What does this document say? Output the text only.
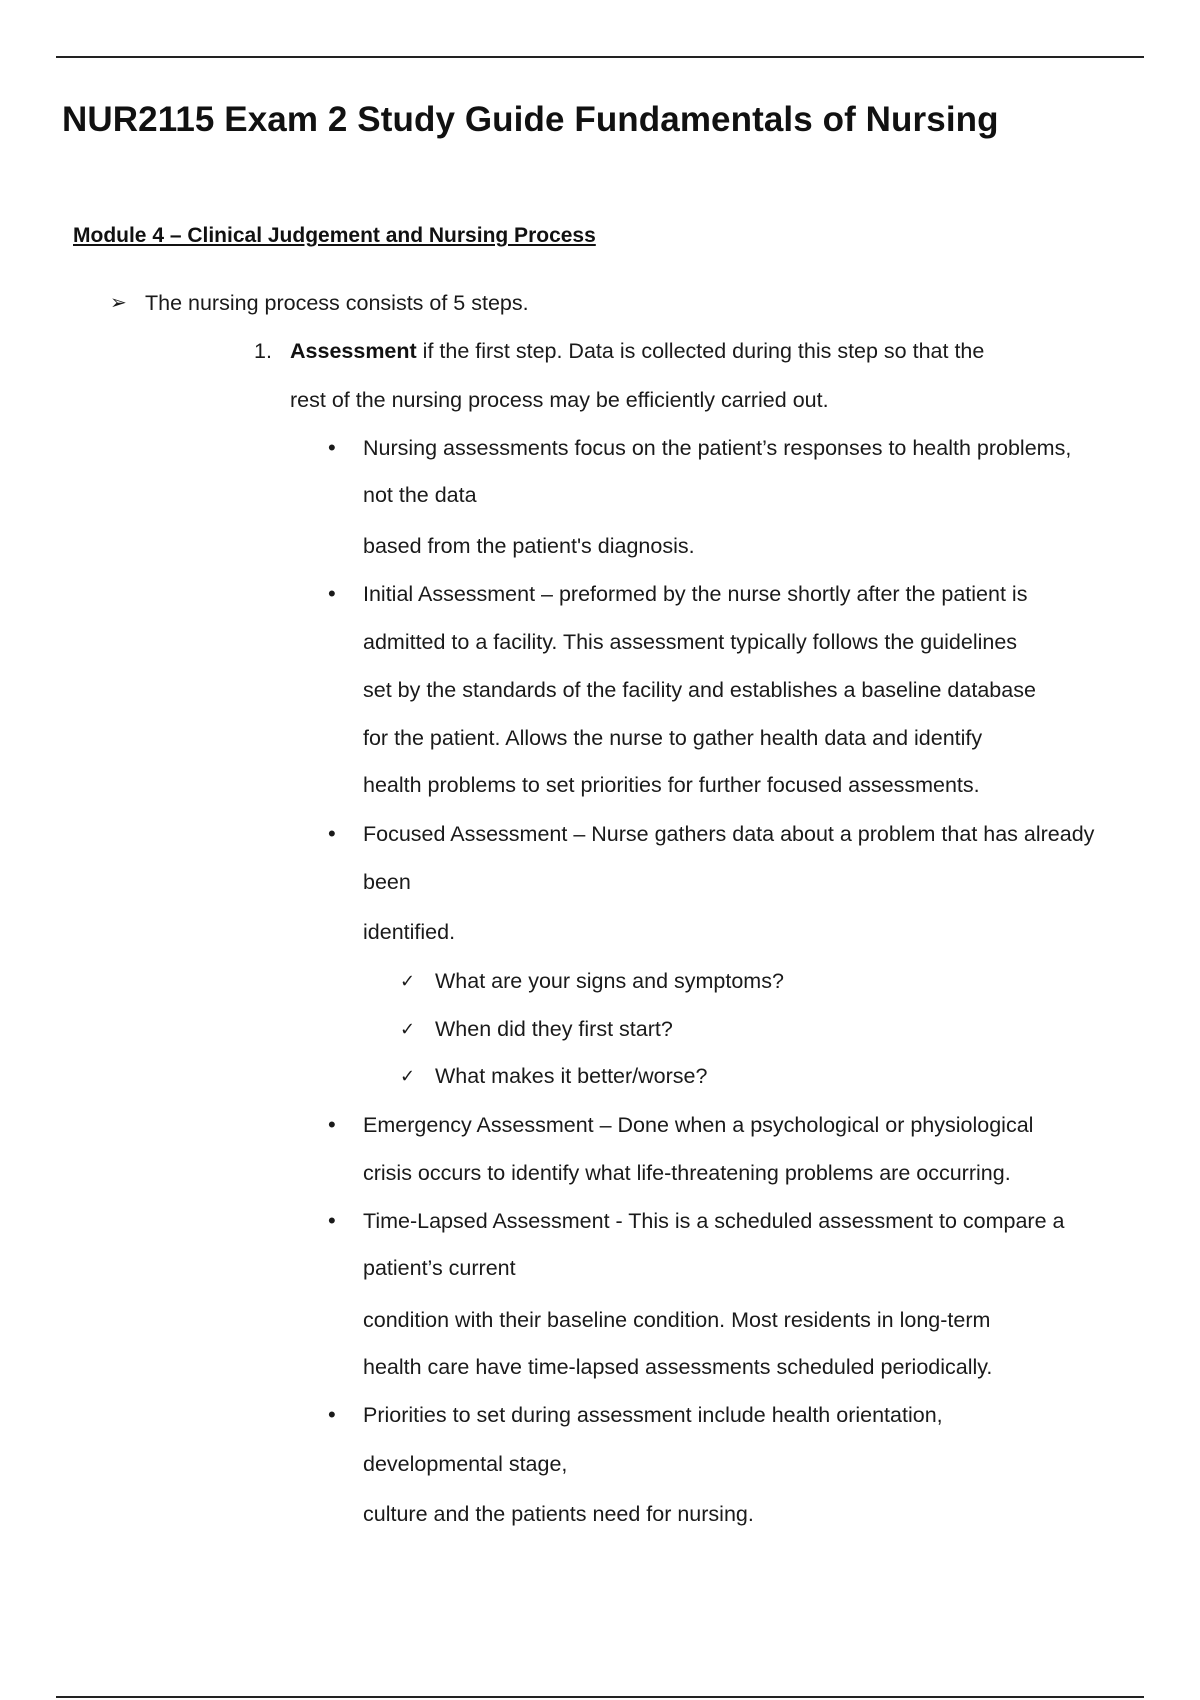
NUR2115 Exam 2 Study Guide Fundamentals of Nursing
Module 4 – Clinical Judgement and Nursing Process
➢ The nursing process consists of 5 steps.
1. Assessment if the first step. Data is collected during this step so that the
rest of the nursing process may be efficiently carried out.
• Nursing assessments focus on the patient’s responses to health problems,
not the data
based from the patient's diagnosis.
• Initial Assessment – preformed by the nurse shortly after the patient is
admitted to a facility. This assessment typically follows the guidelines
set by the standards of the facility and establishes a baseline database
for the patient. Allows the nurse to gather health data and identify
health problems to set priorities for further focused assessments.
• Focused Assessment – Nurse gathers data about a problem that has already
been
identified.
✓ What are your signs and symptoms?
✓ When did they first start?
✓ What makes it better/worse?
• Emergency Assessment – Done when a psychological or physiological
crisis occurs to identify what life-threatening problems are occurring.
• Time-Lapsed Assessment - This is a scheduled assessment to compare a
patient’s current
condition with their baseline condition. Most residents in long-term
health care have time-lapsed assessments scheduled periodically.
• Priorities to set during assessment include health orientation,
developmental stage,
culture and the patients need for nursing.
